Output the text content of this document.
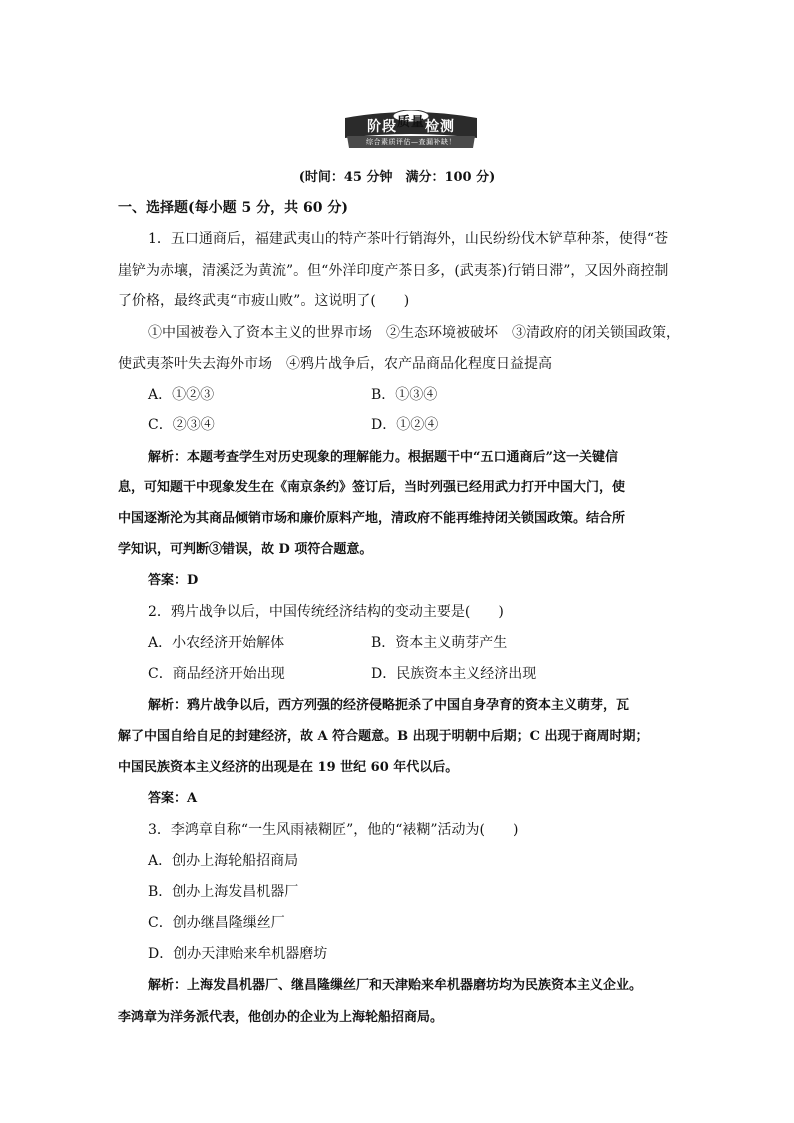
阶段质量检测
综合素质评估—查漏补缺！
(时间：45 分钟　满分：100 分)
一、选择题(每小题 5 分，共 60 分)
1．五口通商后，福建武夷山的特产茶叶行销海外，山民纷纷伐木铲草种茶，使得“苍
崖铲为赤壤，清溪泛为黄流”。但“外洋印度产茶日多，(武夷茶)行销日滞”，又因外商控制
了价格，最终武夷“市疲山败”。这说明了(　　)
①中国被卷入了资本主义的世界市场　②生态环境被破坏　③清政府的闭关锁国政策，
使武夷茶叶失去海外市场　④鸦片战争后，农产品商品化程度日益提高
A．①②③	B．①③④
C．②③④	D．①②④
解析：本题考查学生对历史现象的理解能力。根据题干中“五口通商后”这一关键信
息，可知题干中现象发生在《南京条约》签订后，当时列强已经用武力打开中国大门，使
中国逐渐沦为其商品倾销市场和廉价原料产地，清政府不能再维持闭关锁国政策。结合所
学知识，可判断③错误，故 D 项符合题意。
答案：D
2．鸦片战争以后，中国传统经济结构的变动主要是(　　)
A．小农经济开始解体	B．资本主义萌芽产生
C．商品经济开始出现	D．民族资本主义经济出现
解析：鸦片战争以后，西方列强的经济侵略扼杀了中国自身孕育的资本主义萌芽，瓦
解了中国自给自足的封建经济，故 A 符合题意。B 出现于明朝中后期；C 出现于商周时期；
中国民族资本主义经济的出现是在 19 世纪 60 年代以后。
答案：A
3．李鸿章自称“一生风雨裱糊匠”，他的“裱糊”活动为(　　)
A．创办上海轮船招商局
B．创办上海发昌机器厂
C．创办继昌隆缫丝厂
D．创办天津贻来牟机器磨坊
解析：上海发昌机器厂、继昌隆缫丝厂和天津贻来牟机器磨坊均为民族资本主义企业。
李鸿章为洋务派代表，他创办的企业为上海轮船招商局。
